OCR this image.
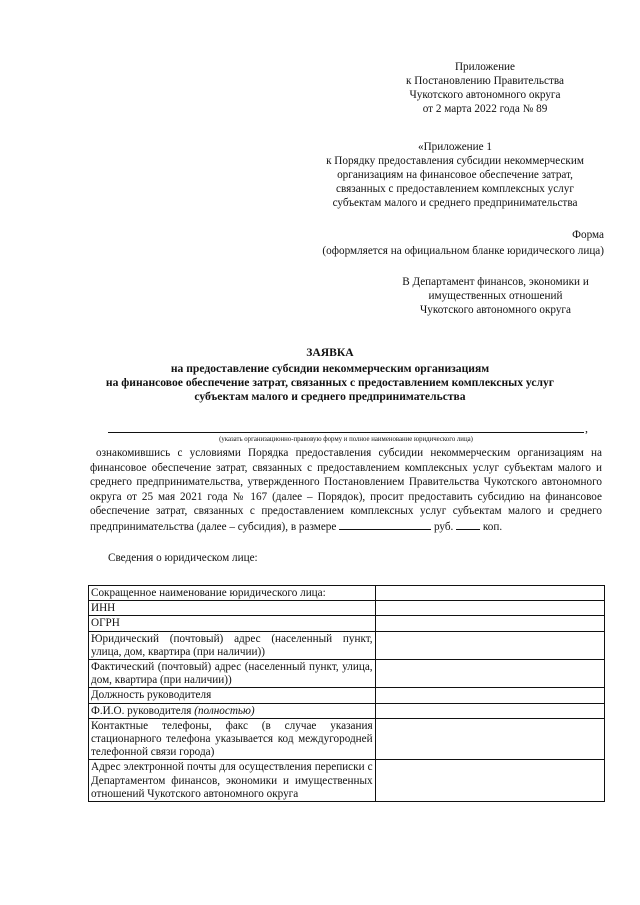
Приложение
к Постановлению Правительства
Чукотского автономного округа
от 2 марта 2022 года № 89
«Приложение 1
к Порядку предоставления субсидии некоммерческим
организациям на финансовое обеспечение затрат,
связанных с предоставлением комплексных услуг
субъектам малого и среднего предпринимательства
Форма
(оформляется на официальном бланке юридического лица)
В Департамент финансов, экономики и
имущественных отношений
Чукотского автономного округа
ЗАЯВКА
на предоставление субсидии некоммерческим организациям
на финансовое обеспечение затрат, связанных с предоставлением комплексных услуг
субъектам малого и среднего предпринимательства
,
(указать организационно-правовую форму и полное наименование юридического лица)
ознакомившись с условиями Порядка предоставления субсидии некоммерческим организациям на финансовое обеспечение затрат, связанных с предоставлением комплексных услуг субъектам малого и среднего предпринимательства, утвержденного Постановлением Правительства Чукотского автономного округа от 25 мая 2021 года № 167 (далее – Порядок), просит предоставить субсидию на финансовое обеспечение затрат, связанных с предоставлением комплексных услуг субъектам малого и среднего предпринимательства (далее – субсидия), в размере	руб.	коп.
Сведения о юридическом лице:
Сокращенное наименование юридического лица:	
ИНН	
ОГРН	
Юридический (почтовый) адрес (населенный пункт, улица, дом, квартира (при наличии))	
Фактический (почтовый) адрес (населенный пункт, улица, дом, квартира (при наличии))	
Должность руководителя	
Ф.И.О. руководителя (полностью)	
Контактные телефоны, факс (в случае указания стационарного телефона указывается код междугородней телефонной связи города)	
Адрес электронной почты для осуществления переписки с Департаментом финансов, экономики и имущественных отношений Чукотского автономного округа	
